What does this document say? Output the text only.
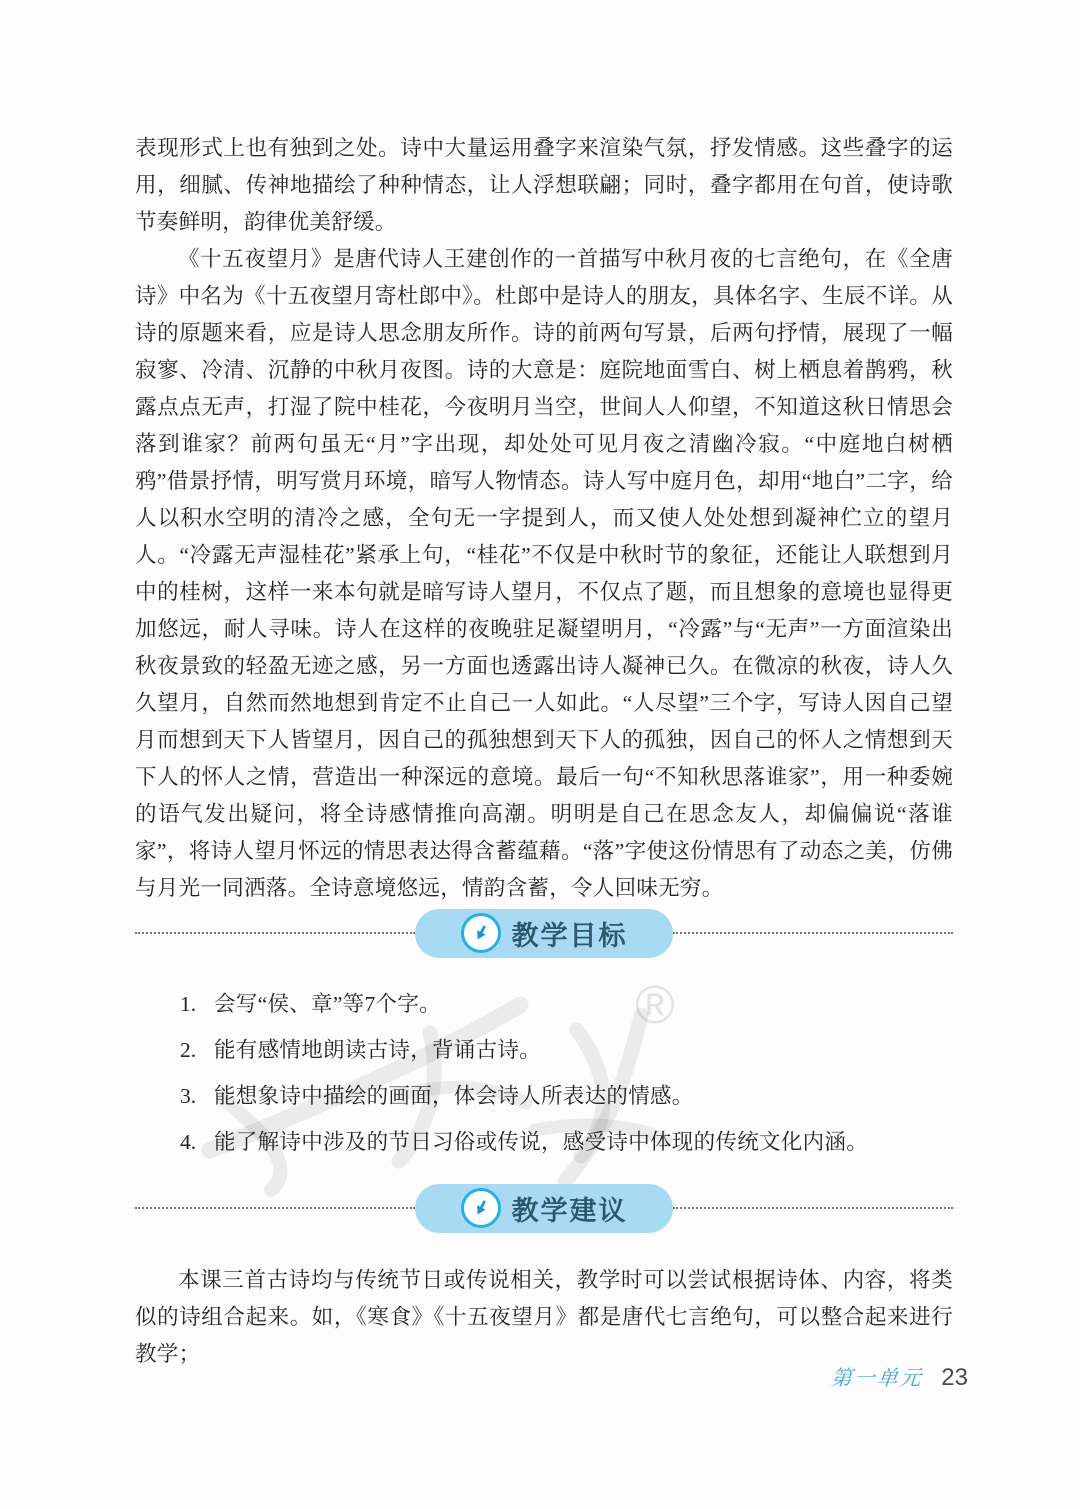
®

表现形式上也有独到之处。诗中大量运用叠字来渲染气氛，抒发情感。这些叠字的运用，细腻、传神地描绘了种种情态，让人浮想联翩；同时，叠字都用在句首，使诗歌节奏鲜明，韵律优美舒缓。

《十五夜望月》是唐代诗人王建创作的一首描写中秋月夜的七言绝句，在《全唐诗》中名为《十五夜望月寄杜郎中》。杜郎中是诗人的朋友，具体名字、生辰不详。从诗的原题来看，应是诗人思念朋友所作。诗的前两句写景，后两句抒情，展现了一幅寂寥、冷清、沉静的中秋月夜图。诗的大意是：庭院地面雪白、树上栖息着鹊鸦，秋露点点无声，打湿了院中桂花，今夜明月当空，世间人人仰望，不知道这秋日情思会落到谁家？前两句虽无“月”字出现，却处处可见月夜之清幽冷寂。“中庭地白树栖鸦”借景抒情，明写赏月环境，暗写人物情态。诗人写中庭月色，却用“地白”二字，给人以积水空明的清冷之感，全句无一字提到人，而又使人处处想到凝神伫立的望月人。“冷露无声湿桂花”紧承上句，“桂花”不仅是中秋时节的象征，还能让人联想到月中的桂树，这样一来本句就是暗写诗人望月，不仅点了题，而且想象的意境也显得更加悠远，耐人寻味。诗人在这样的夜晚驻足凝望明月，“冷露”与“无声”一方面渲染出秋夜景致的轻盈无迹之感，另一方面也透露出诗人凝神已久。在微凉的秋夜，诗人久久望月，自然而然地想到肯定不止自己一人如此。“人尽望”三个字，写诗人因自己望月而想到天下人皆望月，因自己的孤独想到天下人的孤独，因自己的怀人之情想到天下人的怀人之情，营造出一种深远的意境。最后一句“不知秋思落谁家”，用一种委婉的语气发出疑问，将全诗感情推向高潮。明明是自己在思念友人，却偏偏说“落谁家”，将诗人望月怀远的情思表达得含蓄蕴藉。“落”字使这份情思有了动态之美，仿佛与月光一同洒落。全诗意境悠远，情韵含蓄，令人回味无穷。

教学目标
1. 会写“侯、章”等7个字。
2. 能有感情地朗读古诗，背诵古诗。
3. 能想象诗中描绘的画面，体会诗人所表达的情感。
4. 能了解诗中涉及的节日习俗或传说，感受诗中体现的传统文化内涵。
教学建议

本课三首古诗均与传统节日或传说相关，教学时可以尝试根据诗体、内容，将类似的诗组合起来。如，《寒食》《十五夜望月》都是唐代七言绝句，可以整合起来进行教学；

第一单元 23
